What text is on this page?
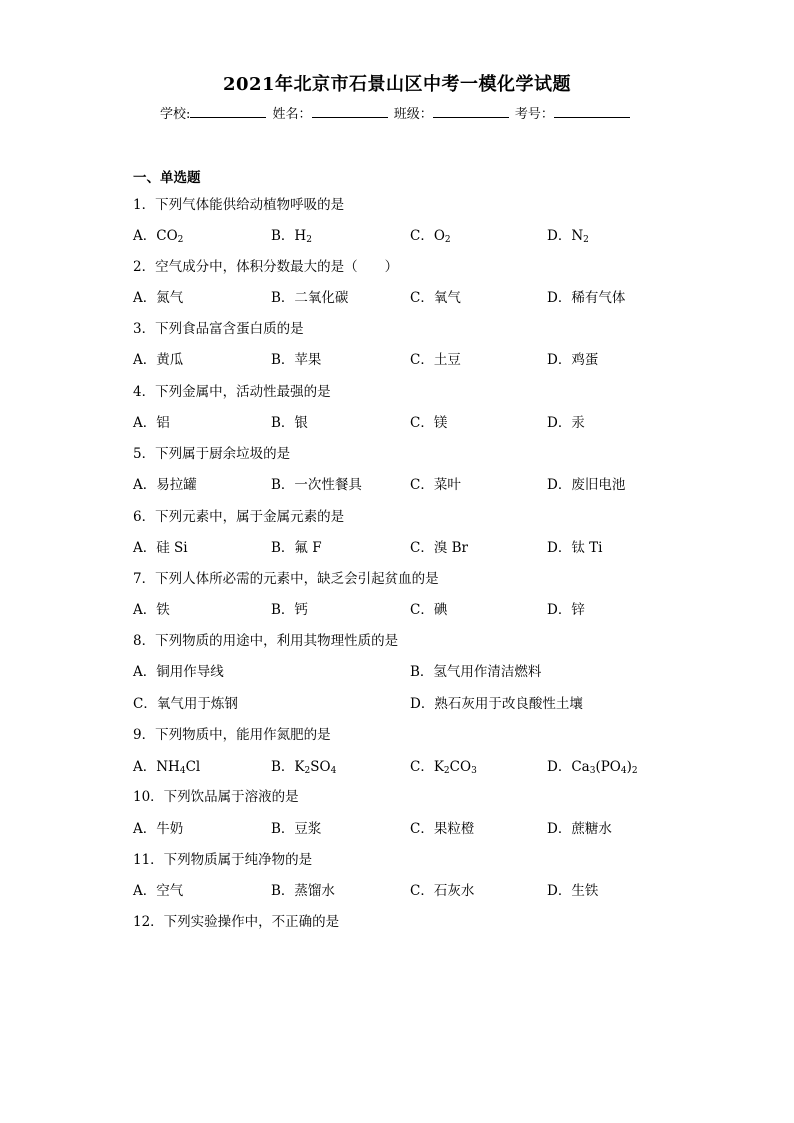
2021年北京市石景山区中考一模化学试题
学校:	姓名：	班级：	考号：
一、单选题
1．下列气体能供给动植物呼吸的是
A．$CO_2$	B．$H_2$	C．$O_2$	D．$N_2$
2．空气成分中，体积分数最大的是（　　）
A．氮气	B．二氧化碳	C．氧气	D．稀有气体
3．下列食品富含蛋白质的是
A．黄瓜	B．苹果	C．土豆	D．鸡蛋
4．下列金属中，活动性最强的是
A．铝	B．银	C．镁	D．汞
5．下列属于厨余垃圾的是
A．易拉罐	B．一次性餐具	C．菜叶	D．废旧电池
6．下列元素中，属于金属元素的是
A．硅 Si	B．氟 F	C．溴 Br	D．钛 Ti
7．下列人体所必需的元素中，缺乏会引起贫血的是
A．铁	B．钙	C．碘	D．锌
8．下列物质的用途中，利用其物理性质的是
A．铜用作导线	B．氢气用作清洁燃料
C．氧气用于炼钢	D．熟石灰用于改良酸性土壤
9．下列物质中，能用作氮肥的是
A．$NH_4Cl$	B．$K_2SO_4$	C．$K_2CO_3$	D．$Ca_3(PO_4)_2$
10．下列饮品属于溶液的是
A．牛奶	B．豆浆	C．果粒橙	D．蔗糖水
11．下列物质属于纯净物的是
A．空气	B．蒸馏水	C．石灰水	D．生铁
12．下列实验操作中，不正确的是
